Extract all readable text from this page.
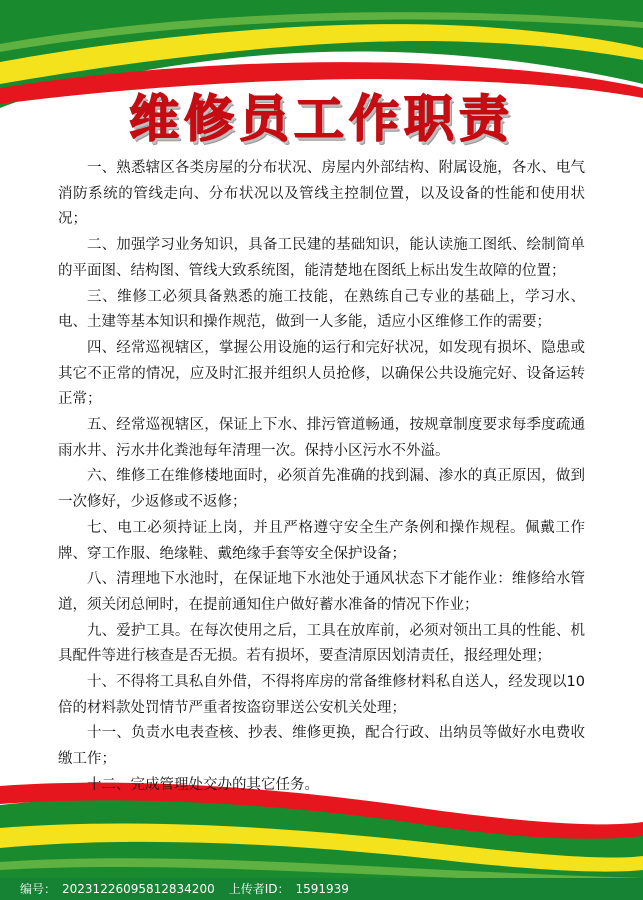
维修员工作职责
一、熟悉辖区各类房屋的分布状况、房屋内外部结构、附属设施，各水、电气消防系统的管线走向、分布状况以及管线主控制位置，以及设备的性能和使用状况；
二、加强学习业务知识，具备工民建的基础知识，能认读施工图纸、绘制简单的平面图、结构图、管线大致系统图，能清楚地在图纸上标出发生故障的位置；
三、维修工必须具备熟悉的施工技能，在熟练自己专业的基础上，学习水、电、土建等基本知识和操作规范，做到一人多能，适应小区维修工作的需要；
四、经常巡视辖区，掌握公用设施的运行和完好状况，如发现有损坏、隐患或其它不正常的情况，应及时汇报并组织人员抢修，以确保公共设施完好、设备运转正常；
五、经常巡视辖区，保证上下水、排污管道畅通，按规章制度要求每季度疏通雨水井、污水井化粪池每年清理一次。保持小区污水不外溢。
六、维修工在维修楼地面时，必须首先准确的找到漏、渗水的真正原因，做到一次修好，少返修或不返修；
七、电工必须持证上岗，并且严格遵守安全生产条例和操作规程。佩戴工作牌、穿工作服、绝缘鞋、戴绝缘手套等安全保护设备；
八、清理地下水池时，在保证地下水池处于通风状态下才能作业：维修给水管道，须关闭总闸时，在提前通知住户做好蓄水准备的情况下作业；
九、爱护工具。在每次使用之后，工具在放库前，必须对领出工具的性能、机具配件等进行核查是否无损。若有损坏，要查清原因划清责任，报经理处理；
十、不得将工具私自外借，不得将库房的常备维修材料私自送人，经发现以10倍的材料款处罚情节严重者按盗窃罪送公安机关处理；
十一、负责水电表查核、抄表、维修更换，配合行政、出纳员等做好水电费收缴工作；
十二、完成管理处交办的其它任务。
编号： 20231226095812834200 上传者ID： 1591939
